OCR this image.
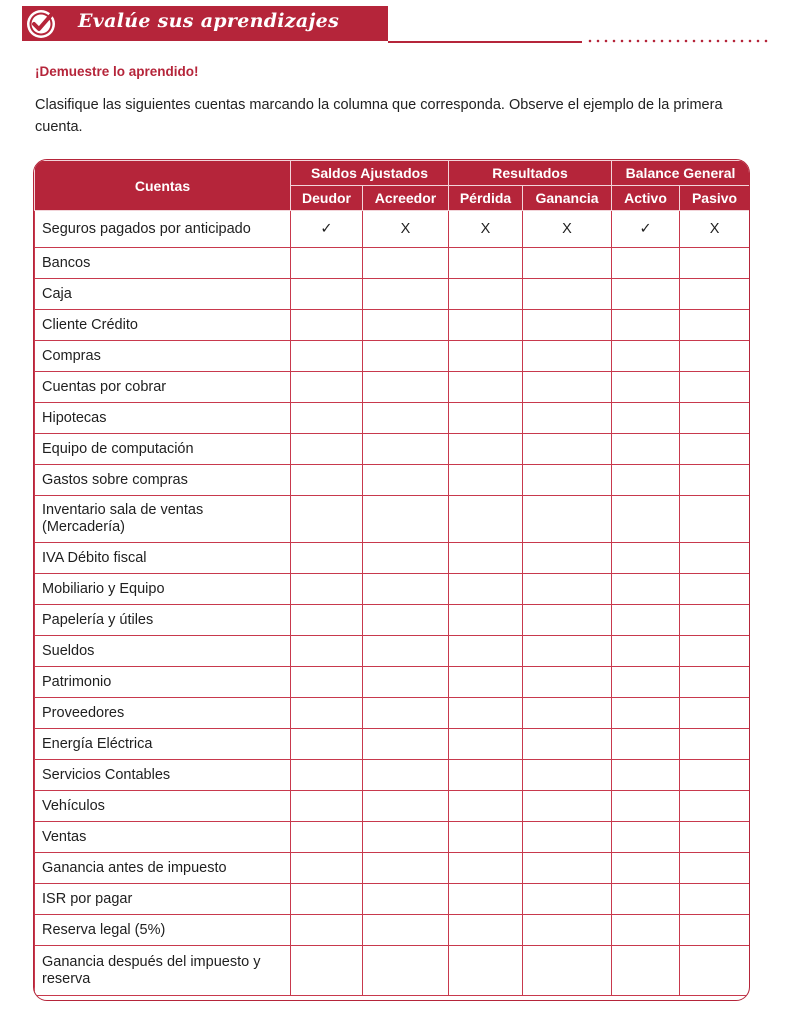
Evalúe sus aprendizajes
¡Demuestre lo aprendido!
Clasifique las siguientes cuentas marcando la columna que corresponda. Observe el ejemplo de la primera cuenta.
Cuentas	Saldos Ajustados		Resultados		Balance General	
	Deudor	Acreedor	Pérdida	Ganancia	Activo	Pasivo
Seguros pagados por anticipado	✓	X	X	X	✓	X
Bancos						
Caja						
Cliente Crédito						
Compras						
Cuentas por cobrar						
Hipotecas						
Equipo de computación						
Gastos sobre compras						
Inventario sala de ventas (Mercadería)						
IVA Débito fiscal						
Mobiliario y Equipo						
Papelería y útiles						
Sueldos						
Patrimonio						
Proveedores						
Energía Eléctrica						
Servicios Contables						
Vehículos						
Ventas						
Ganancia antes de impuesto						
ISR por pagar						
Reserva legal (5%)						
Ganancia después del impuesto y reserva						
